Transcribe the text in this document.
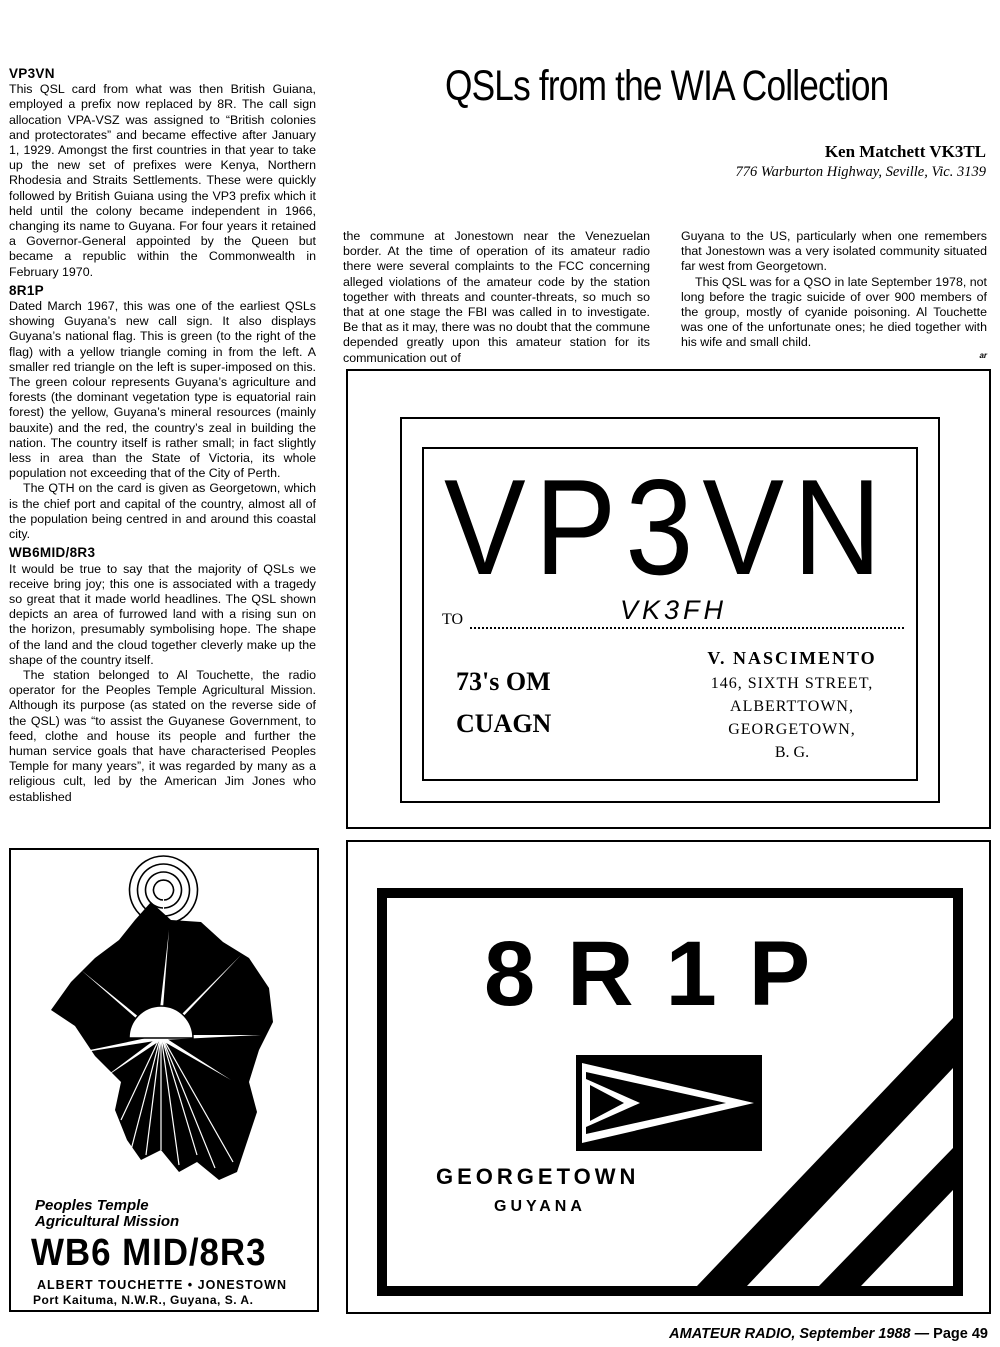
VP3VN

This QSL card from what was then British Guiana, employed a prefix now replaced by 8R. The call sign allocation VPA-VSZ was assigned to “British colonies and protectorates” and became effective after January 1, 1929. Amongst the first countries in that year to take up the new set of prefixes were Kenya, Northern Rhodesia and Straits Settlements. These were quickly followed by British Guiana using the VP3 prefix which it held until the colony became independent in 1966, changing its name to Guyana. For four years it retained a Governor-General appointed by the Queen but became a republic within the Commonwealth in February 1970.

8R1P

Dated March 1967, this was one of the earliest QSLs showing Guyana’s new call sign. It also displays Guyana’s national flag. This is green (to the right of the flag) with a yellow triangle coming in from the left. A smaller red triangle on the left is super-imposed on this. The green colour represents Guyana’s agriculture and forests (the dominant vegetation type is equatorial rain forest) the yellow, Guyana’s mineral resources (mainly bauxite) and the red, the country’s zeal in building the nation. The country itself is rather small; in fact slightly less in area than the State of Victoria, its whole population not exceeding that of the City of Perth.

The QTH on the card is given as Georgetown, which is the chief port and capital of the country, almost all of the population being centred in and around this coastal city.

WB6MID/8R3

It would be true to say that the majority of QSLs we receive bring joy; this one is associated with a tragedy so great that it made world headlines. The QSL shown depicts an area of furrowed land with a rising sun on the horizon, presumably symbolising hope. The shape of the land and the cloud together cleverly make up the shape of the country itself.

The station belonged to Al Touchette, the radio operator for the Peoples Temple Agricultural Mission. Although its purpose (as stated on the reverse side of the QSL) was “to assist the Guyanese Government, to feed, clothe and house its people and further the human service goals that have characterised Peoples Temple for many years”, it was regarded by many as a religious cult, led by the American Jim Jones who established

QSLs from the WIA Collection
Ken Matchett VK3TL
776 Warburton Highway, Seville, Vic. 3139

the commune at Jonestown near the Venezuelan border. At the time of operation of its amateur radio there were several complaints to the FCC concerning alleged violations of the amateur code by the station together with threats and counter-threats, so much so that at one stage the FBI was called in to investigate. Be that as it may, there was no doubt that the commune depended greatly upon this amateur station for its communication out of

Guyana to the US, particularly when one remembers that Jonestown was a very isolated community situated far west from Georgetown.

This QSL was for a QSO in late September 1978, not long before the tragic suicide of over 900 members of the group, mostly of cyanide poisoning. Al Touchette was one of the unfortunate ones; he died together with his wife and small child.

ar
VP3VN
TO	VK3FH
73's OM
CUAGN
V. NASCIMENTO
146, SIXTH STREET,
ALBERTTOWN,
GEORGETOWN,
B. G.
8R1P
GEORGETOWN
GUYANA
Peoples Temple
Agricultural Mission
WB6 MID/8R3
ALBERT TOUCHETTE • JONESTOWN
Port Kaituma, N.W.R., Guyana, S. A.
AMATEUR RADIO, September 1988 — Page 49
